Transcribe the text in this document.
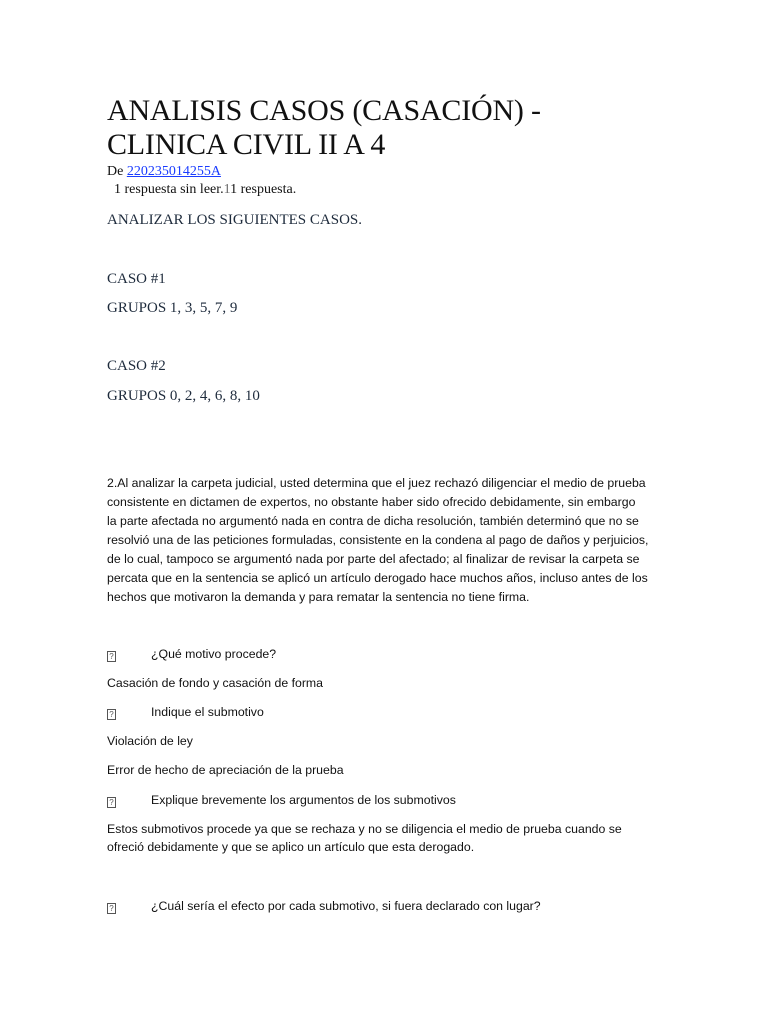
ANALISIS CASOS (CASACIÓN) -
CLINICA CIVIL II A 4
De 220235014255A
1 respuesta sin leer.11 respuesta.
ANALIZAR LOS SIGUIENTES CASOS.
CASO #1
GRUPOS 1, 3, 5, 7, 9
CASO #2
GRUPOS 0, 2, 4, 6, 8, 10
2.Al analizar la carpeta judicial, usted determina que el juez rechazó diligenciar el medio de prueba
consistente en dictamen de expertos, no obstante haber sido ofrecido debidamente, sin embargo
la parte afectada no argumentó nada en contra de dicha resolución, también determinó que no se
resolvió una de las peticiones formuladas, consistente en la condena al pago de daños y perjuicios,
de lo cual, tampoco se argumentó nada por parte del afectado; al finalizar de revisar la carpeta se
percata que en la sentencia se aplicó un artículo derogado hace muchos años, incluso antes de los
hechos que motivaron la demanda y para rematar la sentencia no tiene firma.
?	¿Qué motivo procede?
Casación de fondo y casación de forma
?	Indique el submotivo
Violación de ley
Error de hecho de apreciación de la prueba
?	Explique brevemente los argumentos de los submotivos
Estos submotivos procede ya que se rechaza y no se diligencia el medio de prueba cuando se
ofreció debidamente y que se aplico un artículo que esta derogado.
?	¿Cuál sería el efecto por cada submotivo, si fuera declarado con lugar?
